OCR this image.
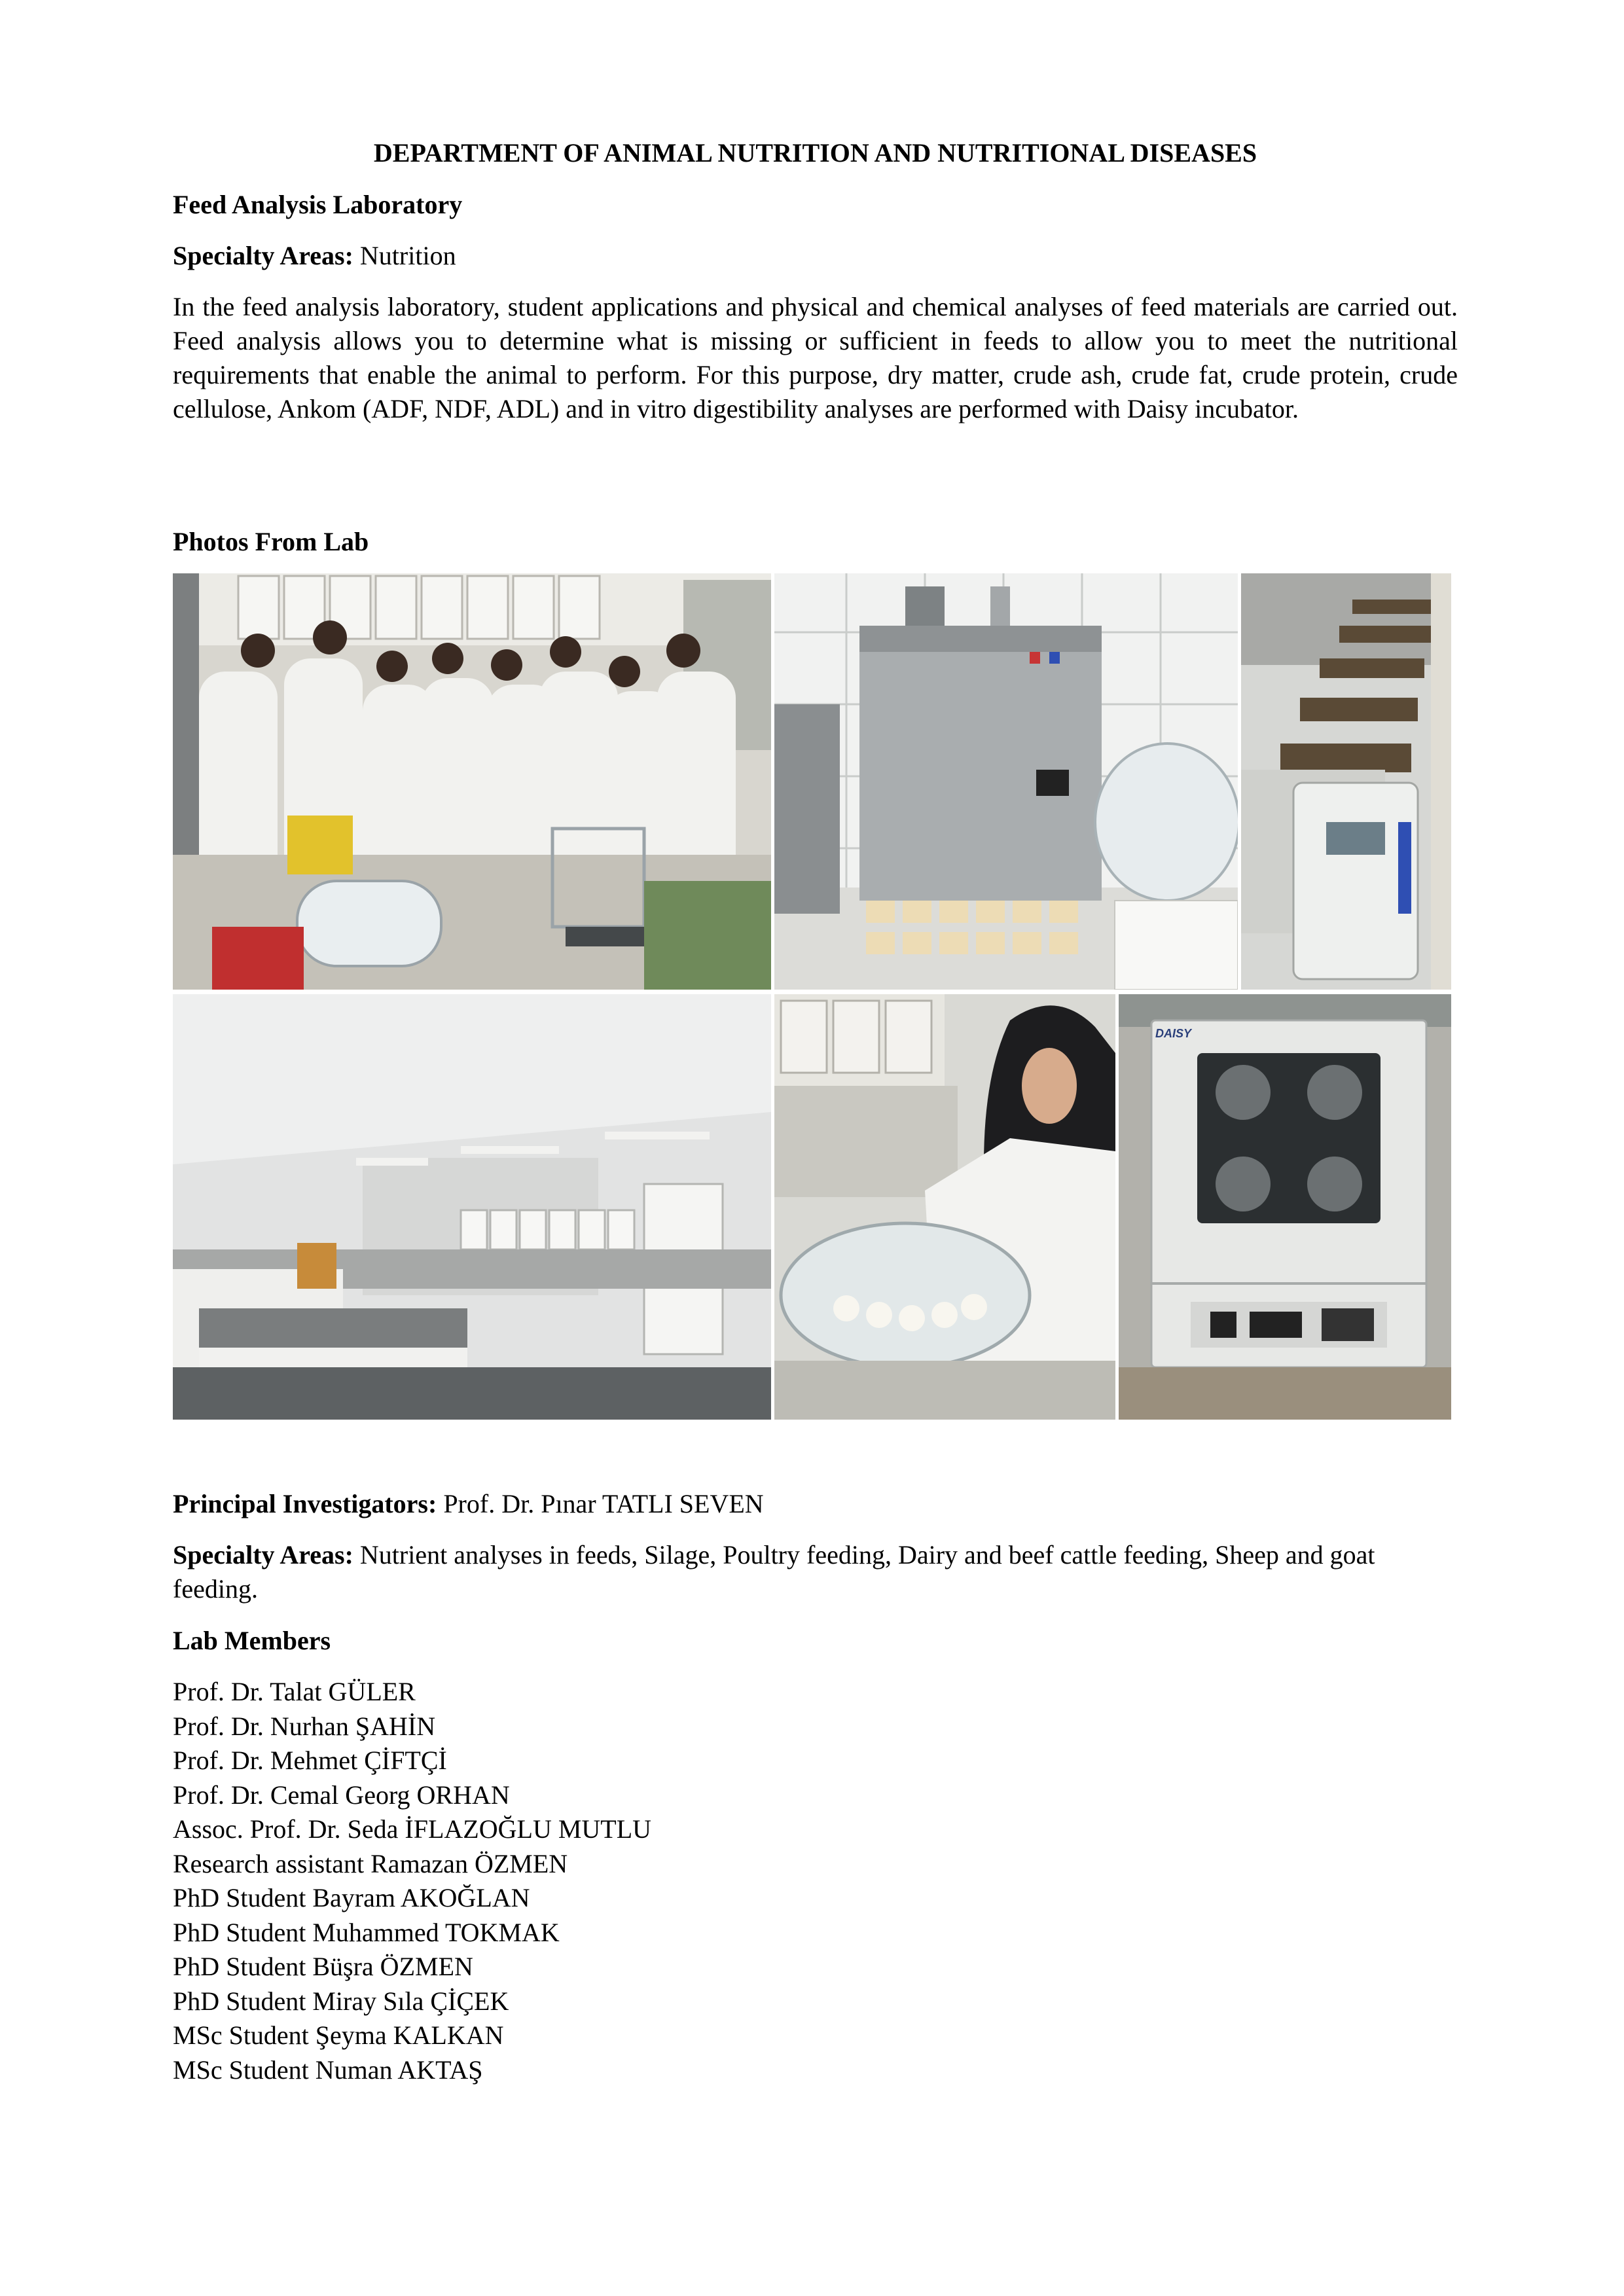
DEPARTMENT OF ANIMAL NUTRITION AND NUTRITIONAL DISEASES
Feed Analysis Laboratory
Specialty Areas: Nutrition
In the feed analysis laboratory, student applications and physical and chemical analyses of feed materials are carried out. Feed analysis allows you to determine what is missing or sufficient in feeds to allow you to meet the nutritional requirements that enable the animal to perform. For this purpose, dry matter, crude ash, crude fat, crude protein, crude cellulose, Ankom (ADF, NDF, ADL) and in vitro digestibility analyses are performed with Daisy incubator.
Photos From Lab
DAISY
Principal Investigators: Prof. Dr. Pınar TATLI SEVEN
Specialty Areas: Nutrient analyses in feeds, Silage, Poultry feeding, Dairy and beef cattle feeding, Sheep and goat feeding.
Lab Members
Prof. Dr. Talat GÜLER
Prof. Dr. Nurhan ŞAHİN
Prof. Dr. Mehmet ÇİFTÇİ
Prof. Dr. Cemal Georg ORHAN
Assoc. Prof. Dr. Seda İFLAZOĞLU MUTLU
Research assistant Ramazan ÖZMEN
PhD Student Bayram AKOĞLAN
PhD Student Muhammed TOKMAK
PhD Student Büşra ÖZMEN
PhD Student Miray Sıla ÇİÇEK
MSc Student Şeyma KALKAN
MSc Student Numan AKTAŞ
